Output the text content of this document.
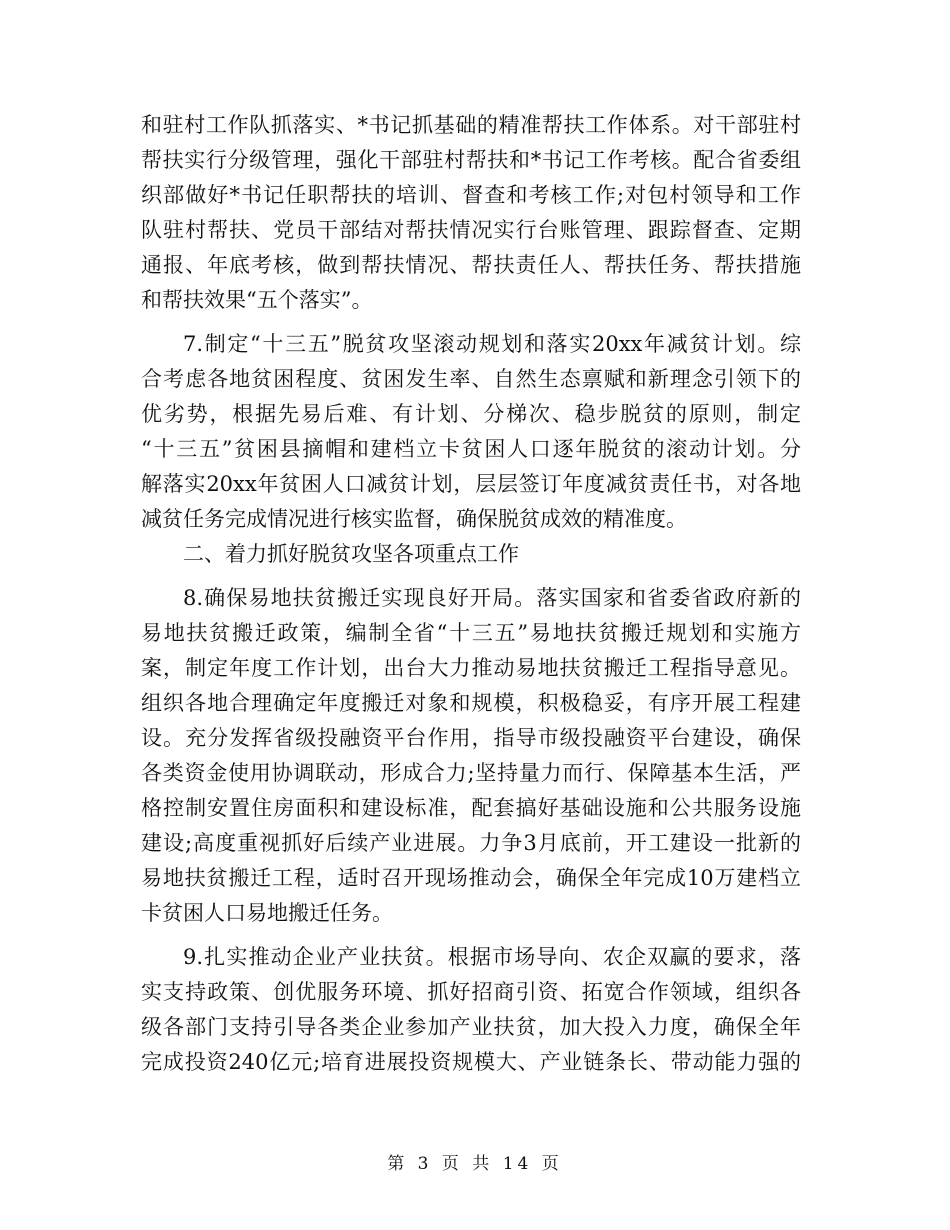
和驻村工作队抓落实、*书记抓基础的精准帮扶工作体系。对干部驻村
帮扶实行分级管理，强化干部驻村帮扶和*书记工作考核。配合省委组
织部做好*书记任职帮扶的培训、督查和考核工作;对包村领导和工作
队驻村帮扶、党员干部结对帮扶情况实行台账管理、跟踪督查、定期
通报、年底考核，做到帮扶情况、帮扶责任人、帮扶任务、帮扶措施
和帮扶效果“五个落实”。
7.制定“十三五”脱贫攻坚滚动规划和落实20xx年减贫计划。综
合考虑各地贫困程度、贫困发生率、自然生态禀赋和新理念引领下的
优劣势，根据先易后难、有计划、分梯次、稳步脱贫的原则，制定
“十三五”贫困县摘帽和建档立卡贫困人口逐年脱贫的滚动计划。分
解落实20xx年贫困人口减贫计划，层层签订年度减贫责任书，对各地
减贫任务完成情况进行核实监督，确保脱贫成效的精准度。
二、着力抓好脱贫攻坚各项重点工作
8.确保易地扶贫搬迁实现良好开局。落实国家和省委省政府新的
易地扶贫搬迁政策，编制全省“十三五”易地扶贫搬迁规划和实施方
案，制定年度工作计划，出台大力推动易地扶贫搬迁工程指导意见。
组织各地合理确定年度搬迁对象和规模，积极稳妥，有序开展工程建
设。充分发挥省级投融资平台作用，指导市级投融资平台建设，确保
各类资金使用协调联动，形成合力;坚持量力而行、保障基本生活，严
格控制安置住房面积和建设标准，配套搞好基础设施和公共服务设施
建设;高度重视抓好后续产业进展。力争3月底前，开工建设一批新的
易地扶贫搬迁工程，适时召开现场推动会，确保全年完成10万建档立
卡贫困人口易地搬迁任务。
9.扎实推动企业产业扶贫。根据市场导向、农企双赢的要求，落
实支持政策、创优服务环境、抓好招商引资、拓宽合作领域，组织各
级各部门支持引导各类企业参加产业扶贫，加大投入力度，确保全年
完成投资240亿元;培育进展投资规模大、产业链条长、带动能力强的
第 3 页 共 14 页
